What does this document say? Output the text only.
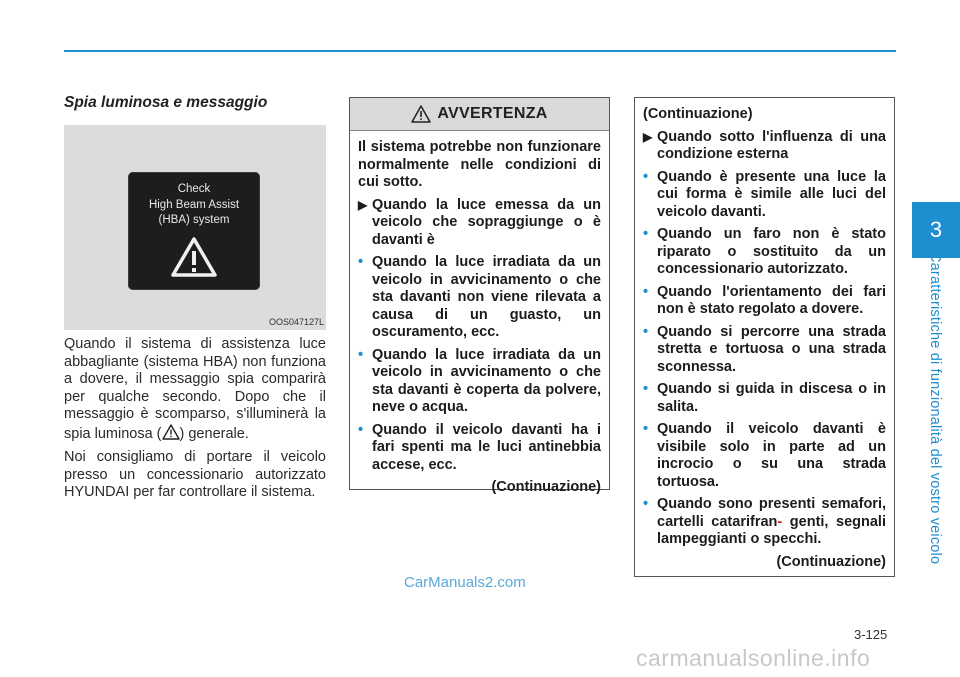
3
Caratteristiche di funzionalità del vostro veicolo
Spia luminosa e messaggio
Check
High Beam Assist
(HBA) system
OOS047127L

Quando il sistema di assistenza luce abbagliante (sistema HBA) non funziona a dovere, il messaggio spia comparirà per qualche secondo. Dopo che il messaggio è scomparso, s'illuminerà la spia luminosa ( ) generale.

Noi consigliamo di portare il veicolo presso un concessionario autorizzato HYUNDAI per far controllare il sistema.

AVVERTENZA

Il sistema potrebbe non funzionare normalmente nelle condizioni di cui sotto.

▶ Quando la luce emessa da un veicolo che sopraggiunge o è davanti è
• Quando la luce irradiata da un veicolo in avvicinamento o che sta davanti non viene rilevata a causa di un guasto, un oscuramento, ecc.
• Quando la luce irradiata da un veicolo in avvicinamento o che sta davanti è coperta da polvere, neve o acqua.
• Quando il veicolo davanti ha i fari spenti ma le luci antinebbia accese, ecc.

(Continuazione)

(Continuazione)

▶ Quando sotto l'influenza di una condizione esterna
• Quando è presente una luce la cui forma è simile alle luci del veicolo davanti.
• Quando un faro non è stato riparato o sostituito da un concessionario autorizzato.
• Quando l'orientamento dei fari non è stato regolato a dovere.
• Quando si percorre una strada stretta e tortuosa o una strada sconnessa.
• Quando si guida in discesa o in salita.
• Quando il veicolo davanti è visibile solo in parte ad un incrocio o su una strada tortuosa.
• Quando sono presenti semafori, cartelli catarifran- genti, segnali lampeggianti o specchi.

(Continuazione)

CarManuals2.com
3-125
carmanualsonline.info
